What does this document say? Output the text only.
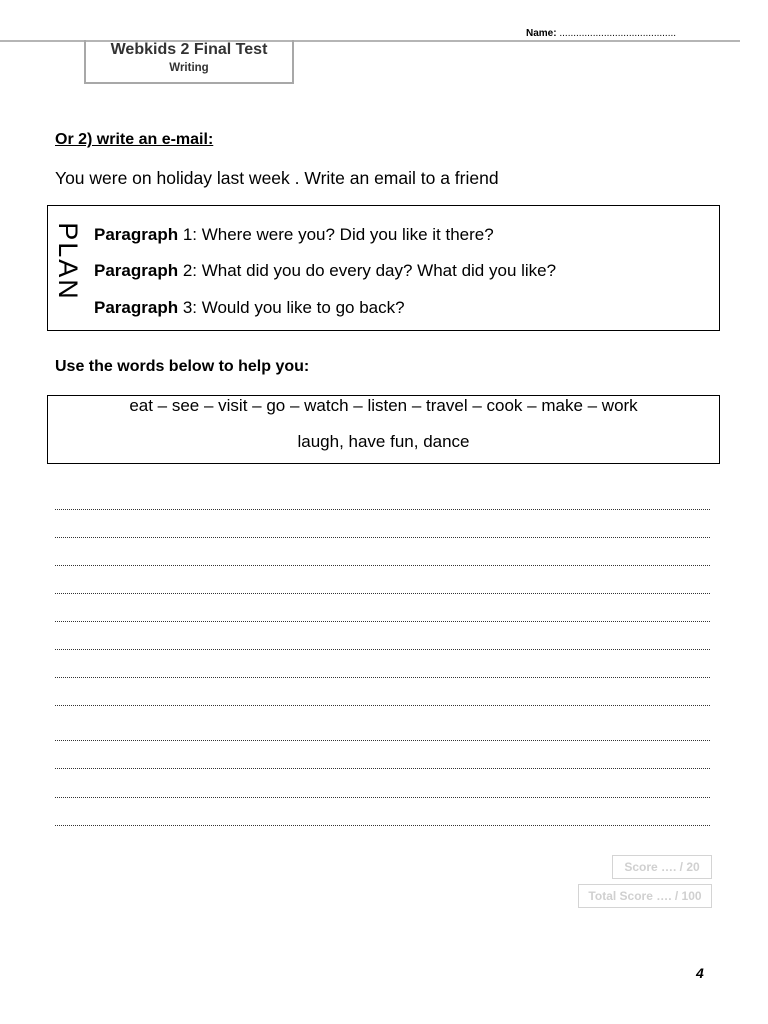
Name: ..........................................
Webkids 2 Final Test
Writing
Or 2) write an e-mail:
You were on holiday last week . Write an email to a friend
PLAN Paragraph 1: Where were you? Did you like it there?
Paragraph 2: What did you do every day? What did you like?
Paragraph 3: Would you like to go back?
Use the words below to help you:
eat – see – visit – go – watch – listen – travel – cook – make – work
laugh, have fun, dance
Score …. / 20
Total Score …. / 100
4
